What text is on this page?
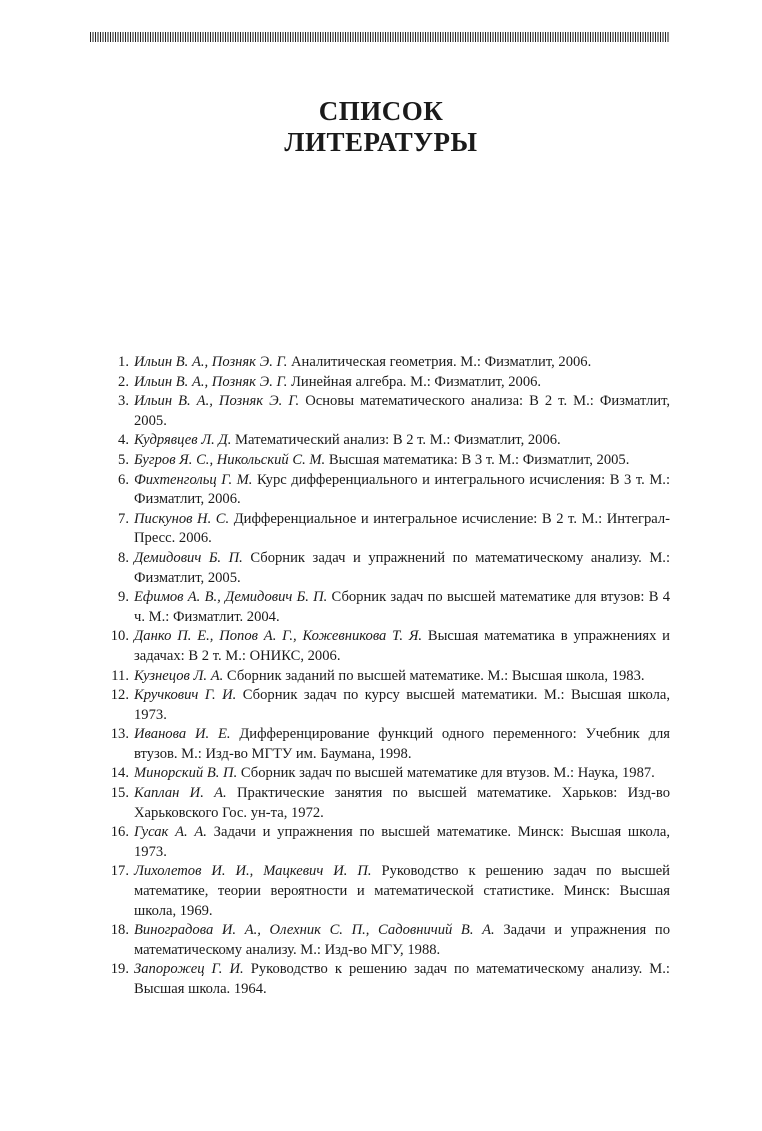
СПИСОК
ЛИТЕРАТУРЫ
1. Ильин В. А., Позняк Э. Г. Аналитическая геометрия. М.: Физматлит, 2006.
2. Ильин В. А., Позняк Э. Г. Линейная алгебра. М.: Физматлит, 2006.
3. Ильин В. А., Позняк Э. Г. Основы математического анализа: В 2 т. М.: Физматлит, 2005.
4. Кудрявцев Л. Д. Математический анализ: В 2 т. М.: Физматлит, 2006.
5. Бугров Я. С., Никольский С. М. Высшая математика: В 3 т. М.: Физматлит, 2005.
6. Фихтенгольц Г. М. Курс дифференциального и интегрального исчисления: В 3 т. М.: Физматлит, 2006.
7. Пискунов Н. С. Дифференциальное и интегральное исчисление: В 2 т. М.: Интеграл-Пресс. 2006.
8. Демидович Б. П. Сборник задач и упражнений по математическому анализу. М.: Физматлит, 2005.
9. Ефимов А. В., Демидович Б. П. Сборник задач по высшей математике для втузов: В 4 ч. М.: Физматлит. 2004.
10. Данко П. Е., Попов А. Г., Кожевникова Т. Я. Высшая математика в упражнениях и задачах: В 2 т. М.: ОНИКС, 2006.
11. Кузнецов Л. А. Сборник заданий по высшей математике. М.: Высшая школа, 1983.
12. Кручкович Г. И. Сборник задач по курсу высшей математики. М.: Высшая школа, 1973.
13. Иванова И. Е. Дифференцирование функций одного переменного: Учебник для втузов. М.: Изд-во МГТУ им. Баумана, 1998.
14. Минорский В. П. Сборник задач по высшей математике для втузов. М.: Наука, 1987.
15. Каплан И. А. Практические занятия по высшей математике. Харьков: Изд-во Харьковского Гос. ун-та, 1972.
16. Гусак А. А. Задачи и упражнения по высшей математике. Минск: Высшая школа, 1973.
17. Лихолетов И. И., Мацкевич И. П. Руководство к решению задач по высшей математике, теории вероятности и математической статистике. Минск: Высшая школа, 1969.
18. Виноградова И. А., Олехник С. П., Садовничий В. А. Задачи и упражнения по математическому анализу. М.: Изд-во МГУ, 1988.
19. Запорожец Г. И. Руководство к решению задач по математическому анализу. М.: Высшая школа. 1964.
